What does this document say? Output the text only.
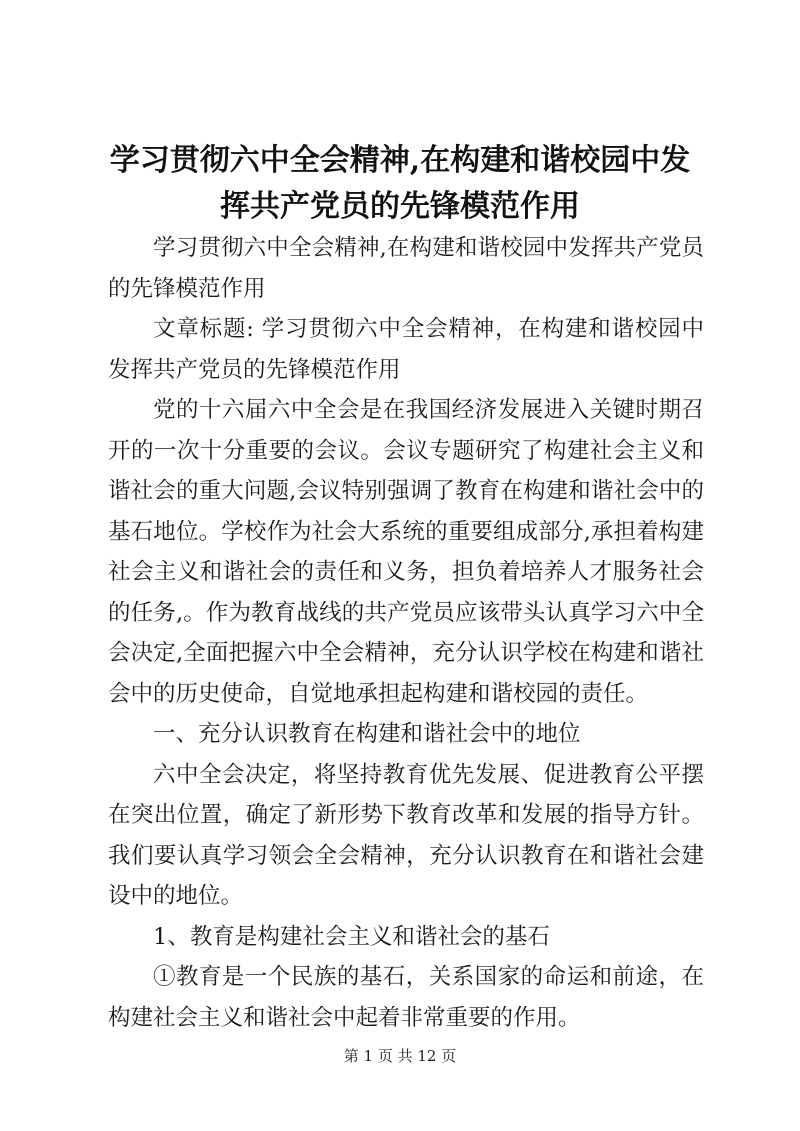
学习贯彻六中全会精神,在构建和谐校园中发
挥共产党员的先锋模范作用

学习贯彻六中全会精神,在构建和谐校园中发挥共产党员的先锋模范作用

文章标题: 学习贯彻六中全会精神，在构建和谐校园中发挥共产党员的先锋模范作用

党的十六届六中全会是在我国经济发展进入关键时期召开的一次十分重要的会议。会议专题研究了构建社会主义和谐社会的重大问题,会议特别强调了教育在构建和谐社会中的基石地位。学校作为社会大系统的重要组成部分,承担着构建社会主义和谐社会的责任和义务，担负着培养人才服务社会的任务,。作为教育战线的共产党员应该带头认真学习六中全会决定,全面把握六中全会精神，充分认识学校在构建和谐社会中的历史使命，自觉地承担起构建和谐校园的责任。

一、充分认识教育在构建和谐社会中的地位

六中全会决定，将坚持教育优先发展、促进教育公平摆在突出位置，确定了新形势下教育改革和发展的指导方针。我们要认真学习领会全会精神，充分认识教育在和谐社会建设中的地位。

1、教育是构建社会主义和谐社会的基石

①教育是一个民族的基石，关系国家的命运和前途，在构建社会主义和谐社会中起着非常重要的作用。

第 1 页 共 12 页
